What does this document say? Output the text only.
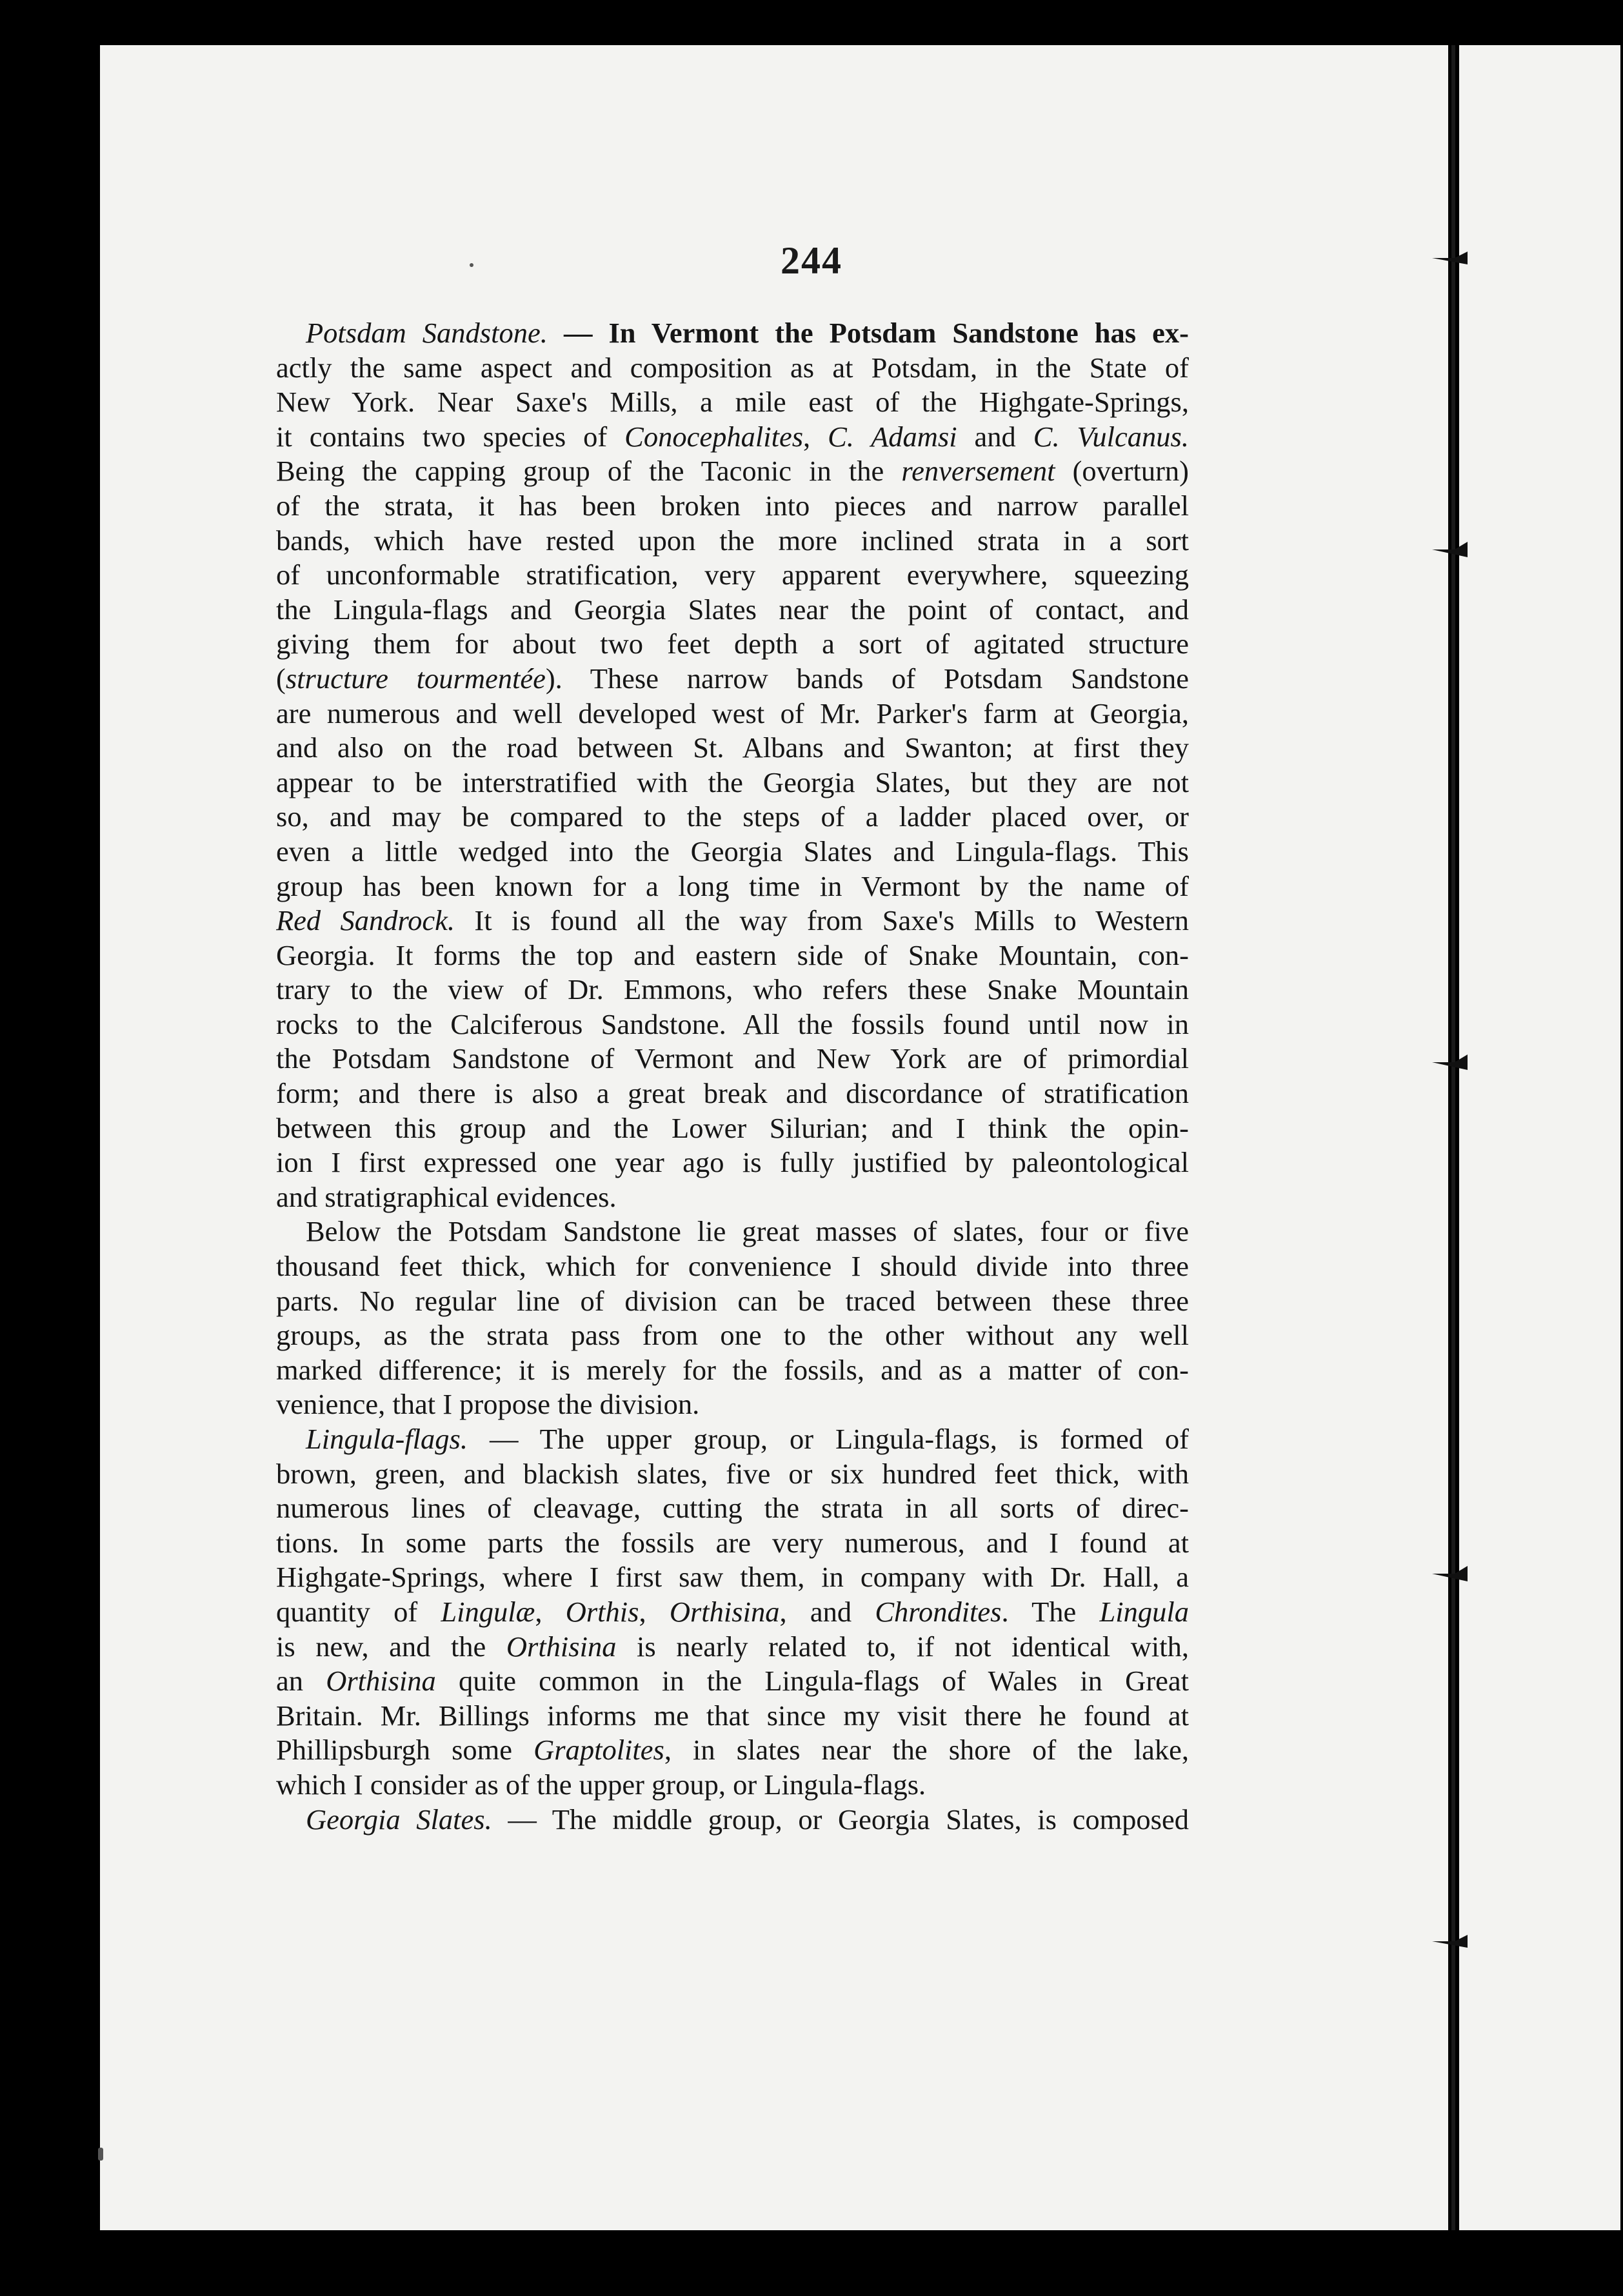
244
Potsdam Sandstone. — In Vermont the Potsdam Sandstone has ex-
actly the same aspect and composition as at Potsdam, in the State of
New York. Near Saxe's Mills, a mile east of the Highgate-Springs,
it contains two species of Conocephalites, C. Adamsi and C. Vulcanus.
Being the capping group of the Taconic in the renversement (overturn)
of the strata, it has been broken into pieces and narrow parallel
bands, which have rested upon the more inclined strata in a sort
of unconformable stratification, very apparent everywhere, squeezing
the Lingula-flags and Georgia Slates near the point of contact, and
giving them for about two feet depth a sort of agitated structure
(structure tourmentée). These narrow bands of Potsdam Sandstone
are numerous and well developed west of Mr. Parker's farm at Georgia,
and also on the road between St. Albans and Swanton; at first they
appear to be interstratified with the Georgia Slates, but they are not
so, and may be compared to the steps of a ladder placed over, or
even a little wedged into the Georgia Slates and Lingula-flags. This
group has been known for a long time in Vermont by the name of
Red Sandrock. It is found all the way from Saxe's Mills to Western
Georgia. It forms the top and eastern side of Snake Mountain, con-
trary to the view of Dr. Emmons, who refers these Snake Mountain
rocks to the Calciferous Sandstone. All the fossils found until now in
the Potsdam Sandstone of Vermont and New York are of primordial
form; and there is also a great break and discordance of stratification
between this group and the Lower Silurian; and I think the opin-
ion I first expressed one year ago is fully justified by paleontological
and stratigraphical evidences.
Below the Potsdam Sandstone lie great masses of slates, four or five
thousand feet thick, which for convenience I should divide into three
parts. No regular line of division can be traced between these three
groups, as the strata pass from one to the other without any well
marked difference; it is merely for the fossils, and as a matter of con-
venience, that I propose the division.
Lingula-flags. — The upper group, or Lingula-flags, is formed of
brown, green, and blackish slates, five or six hundred feet thick, with
numerous lines of cleavage, cutting the strata in all sorts of direc-
tions. In some parts the fossils are very numerous, and I found at
Highgate-Springs, where I first saw them, in company with Dr. Hall, a
quantity of Lingulæ, Orthis, Orthisina, and Chrondites. The Lingula
is new, and the Orthisina is nearly related to, if not identical with,
an Orthisina quite common in the Lingula-flags of Wales in Great
Britain. Mr. Billings informs me that since my visit there he found at
Phillipsburgh some Graptolites, in slates near the shore of the lake,
which I consider as of the upper group, or Lingula-flags.
Georgia Slates. — The middle group, or Georgia Slates, is composed
